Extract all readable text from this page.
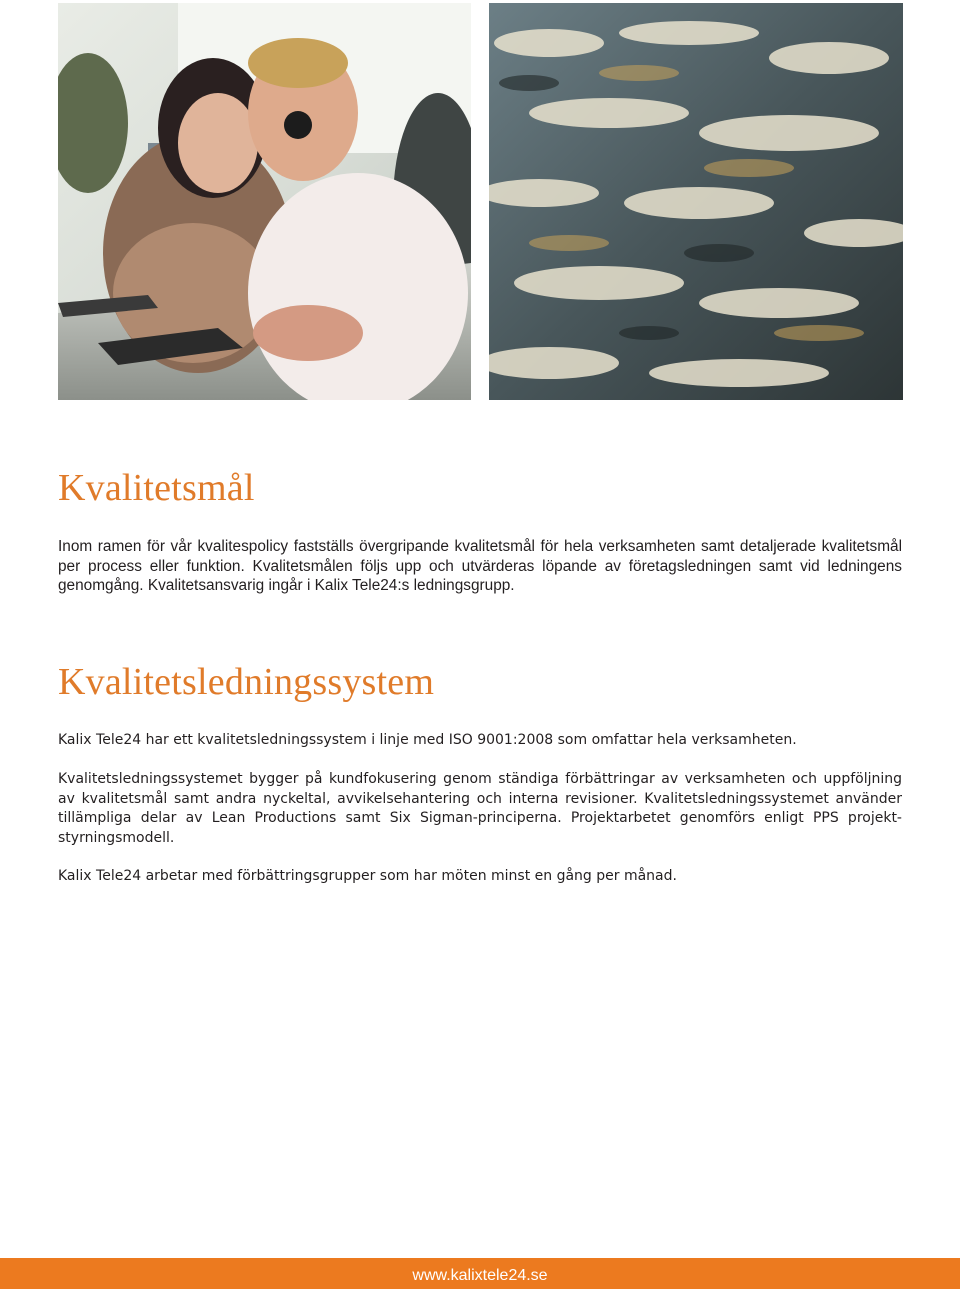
Kvalitetsmål

Inom ramen för vår kvalitespolicy fastställs övergripande kvalitetsmål för hela verksamheten samt detaljerade kvalitetsmål per process eller funktion. Kvalitetsmålen följs upp och utvärderas löpande av företagsledningen samt vid ledningens genomgång. Kvalitetsansvarig ingår i Kalix Tele24:s ledningsgrupp.

Kvalitetsledningssystem

Kalix Tele24 har ett kvalitetsledningssystem i linje med ISO 9001:2008 som omfattar hela verksamheten.

Kvalitetsledningssystemet bygger på kundfokusering genom ständiga förbättringar av verksamheten och uppföljning av kvalitetsmål samt andra nyckeltal, avvikelsehantering och interna revisioner. Kvalitetsledningssystemet använder tillämpliga delar av Lean Productions samt Six Sigman-principerna. Projektarbetet genomförs enligt PPS projekt-styrningsmodell.

Kalix Tele24 arbetar med förbättringsgrupper som har möten minst en gång per månad.

www.kalixtele24.se
